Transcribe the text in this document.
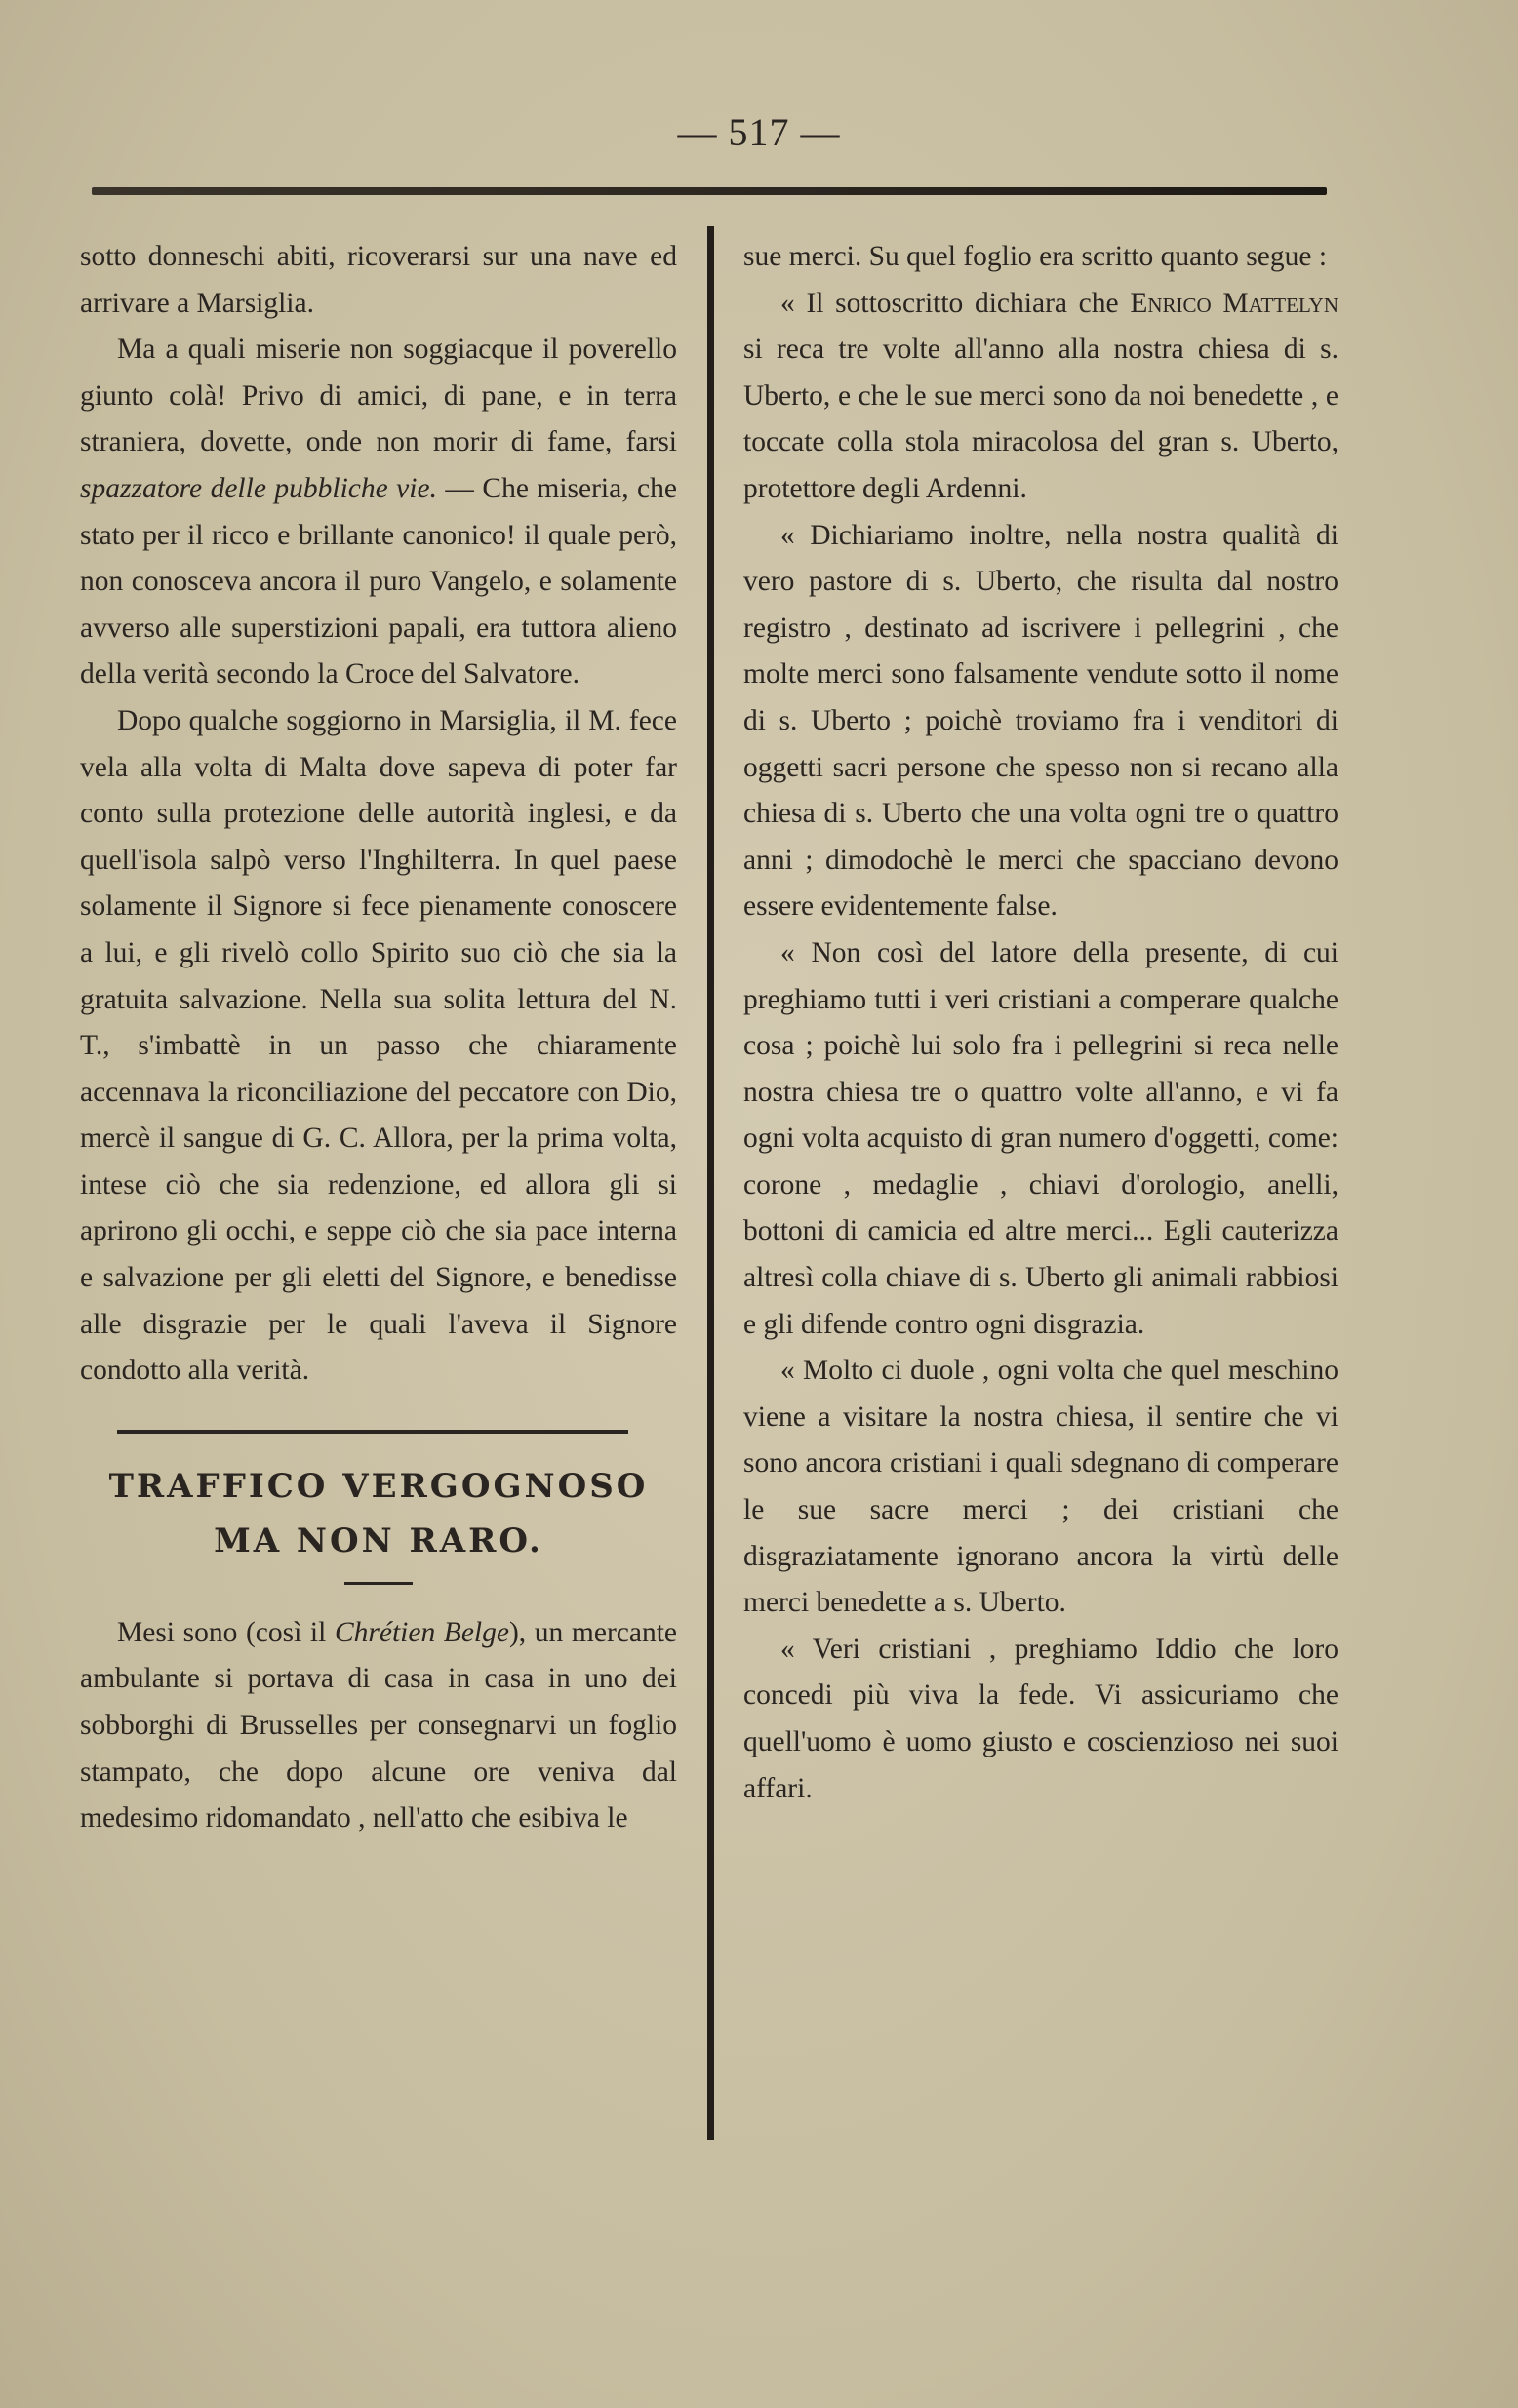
— 517 —

sotto donneschi abiti, ricoverarsi sur una nave ed arrivare a Marsiglia.

Ma a quali miserie non soggiacque il poverello giunto colà! Privo di amici, di pane, e in terra straniera, dovette, onde non morir di fame, farsi spazzatore delle pubbliche vie. — Che miseria, che stato per il ricco e brillante canonico! il quale però, non conosceva ancora il puro Vangelo, e solamente avverso alle superstizioni papali, era tuttora alieno della verità secondo la Croce del Salvatore.

Dopo qualche soggiorno in Marsiglia, il M. fece vela alla volta di Malta dove sapeva di poter far conto sulla protezione delle autorità inglesi, e da quell'isola salpò verso l'Inghilterra. In quel paese solamente il Signore si fece pienamente conoscere a lui, e gli rivelò collo Spirito suo ciò che sia la gratuita salvazione. Nella sua solita lettura del N. T., s'imbattè in un passo che chiaramente accennava la riconciliazione del peccatore con Dio, mercè il sangue di G. C. Allora, per la prima volta, intese ciò che sia redenzione, ed allora gli si aprirono gli occhi, e seppe ciò che sia pace interna e salvazione per gli eletti del Signore, e benedisse alle disgrazie per le quali l'aveva il Signore condotto alla verità.

TRAFFICO VERGOGNOSO
MA NON RARO.

Mesi sono (così il Chrétien Belge), un mercante ambulante si portava di casa in casa in uno dei sobborghi di Brusselles per consegnarvi un foglio stampato, che dopo alcune ore veniva dal medesimo ridomandato , nell'atto che esibiva le

sue merci. Su quel foglio era scritto quanto segue :

« Il sottoscritto dichiara che Enrico Mattelyn si reca tre volte all'anno alla nostra chiesa di s. Uberto, e che le sue merci sono da noi benedette , e toccate colla stola miracolosa del gran s. Uberto, protettore degli Ardenni.

« Dichiariamo inoltre, nella nostra qualità di vero pastore di s. Uberto, che risulta dal nostro registro , destinato ad iscrivere i pellegrini , che molte merci sono falsamente vendute sotto il nome di s. Uberto ; poichè troviamo fra i venditori di oggetti sacri persone che spesso non si recano alla chiesa di s. Uberto che una volta ogni tre o quattro anni ; dimodochè le merci che spacciano devono essere evidentemente false.

« Non così del latore della presente, di cui preghiamo tutti i veri cristiani a comperare qualche cosa ; poichè lui solo fra i pellegrini si reca nelle nostra chiesa tre o quattro volte all'anno, e vi fa ogni volta acquisto di gran numero d'oggetti, come: corone , medaglie , chiavi d'orologio, anelli, bottoni di camicia ed altre merci... Egli cauterizza altresì colla chiave di s. Uberto gli animali rabbiosi e gli difende contro ogni disgrazia.

« Molto ci duole , ogni volta che quel meschino viene a visitare la nostra chiesa, il sentire che vi sono ancora cristiani i quali sdegnano di comperare le sue sacre merci ; dei cristiani che disgraziatamente ignorano ancora la virtù delle merci benedette a s. Uberto.

« Veri cristiani , preghiamo Iddio che loro concedi più viva la fede. Vi assicuriamo che quell'uomo è uomo giusto e coscienzioso nei suoi affari.
